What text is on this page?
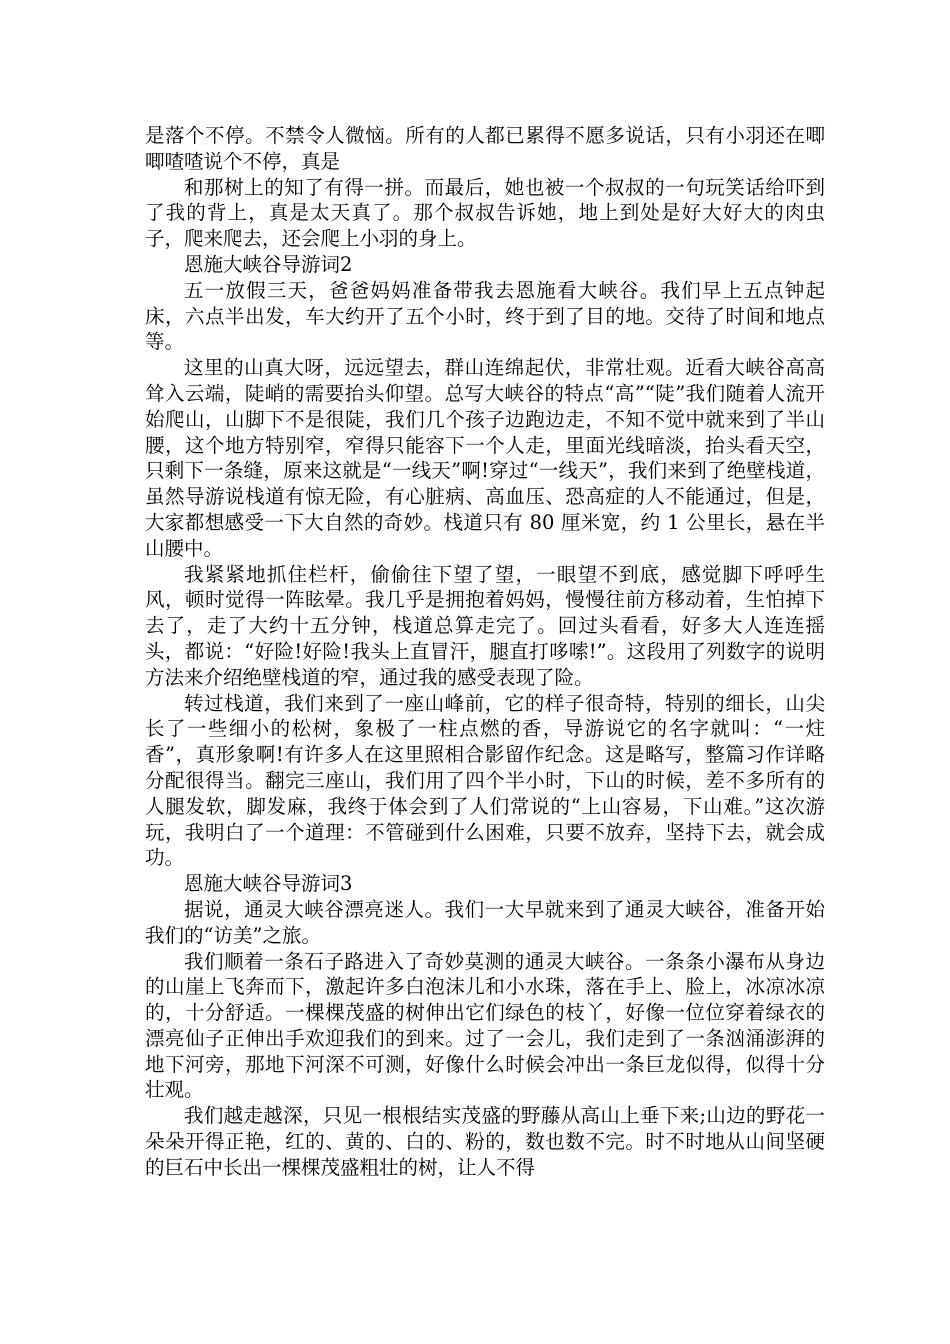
是落个不停。不禁令人微恼。所有的人都已累得不愿多说话，只有小羽还在唧唧喳喳说个不停，真是

和那树上的知了有得一拼。而最后，她也被一个叔叔的一句玩笑话给吓到了我的背上，真是太天真了。那个叔叔告诉她，地上到处是好大好大的肉虫子，爬来爬去，还会爬上小羽的身上。

恩施大峡谷导游词2

五一放假三天，爸爸妈妈准备带我去恩施看大峡谷。我们早上五点钟起床，六点半出发，车大约开了五个小时，终于到了目的地。交待了时间和地点等。

这里的山真大呀，远远望去，群山连绵起伏，非常壮观。近看大峡谷高高耸入云端，陡峭的需要抬头仰望。总写大峡谷的特点“高”“陡”我们随着人流开始爬山，山脚下不是很陡，我们几个孩子边跑边走，不知不觉中就来到了半山腰，这个地方特别窄，窄得只能容下一个人走，里面光线暗淡，抬头看天空，只剩下一条缝，原来这就是“一线天”啊!穿过“一线天”，我们来到了绝壁栈道，虽然导游说栈道有惊无险，有心脏病、高血压、恐高症的人不能通过，但是，大家都想感受一下大自然的奇妙。栈道只有 80 厘米宽，约 1 公里长，悬在半山腰中。

我紧紧地抓住栏杆，偷偷往下望了望，一眼望不到底，感觉脚下呼呼生风，顿时觉得一阵眩晕。我几乎是拥抱着妈妈，慢慢往前方移动着，生怕掉下去了，走了大约十五分钟，栈道总算走完了。回过头看看，好多大人连连摇头，都说：“好险!好险!我头上直冒汗，腿直打哆嗦!”。这段用了列数字的说明方法来介绍绝壁栈道的窄，通过我的感受表现了险。

转过栈道，我们来到了一座山峰前，它的样子很奇特，特别的细长，山尖长了一些细小的松树，象极了一柱点燃的香，导游说它的名字就叫：“一炷香”，真形象啊!有许多人在这里照相合影留作纪念。这是略写，整篇习作详略分配很得当。翻完三座山，我们用了四个半小时，下山的时候，差不多所有的人腿发软，脚发麻，我终于体会到了人们常说的“上山容易，下山难。”这次游玩，我明白了一个道理：不管碰到什么困难，只要不放弃，坚持下去，就会成功。

恩施大峡谷导游词3

据说，通灵大峡谷漂亮迷人。我们一大早就来到了通灵大峡谷，准备开始我们的“访美”之旅。

我们顺着一条石子路进入了奇妙莫测的通灵大峡谷。一条条小瀑布从身边的山崖上飞奔而下，激起许多白泡沫儿和小水珠，落在手上、脸上，冰凉冰凉的，十分舒适。一棵棵茂盛的树伸出它们绿色的枝丫，好像一位位穿着绿衣的漂亮仙子正伸出手欢迎我们的到来。过了一会儿，我们走到了一条汹涌澎湃的地下河旁，那地下河深不可测，好像什么时候会冲出一条巨龙似得，似得十分壮观。

我们越走越深，只见一根根结实茂盛的野藤从高山上垂下来;山边的野花一朵朵开得正艳，红的、黄的、白的、粉的，数也数不完。时不时地从山间坚硬的巨石中长出一棵棵茂盛粗壮的树，让人不得
